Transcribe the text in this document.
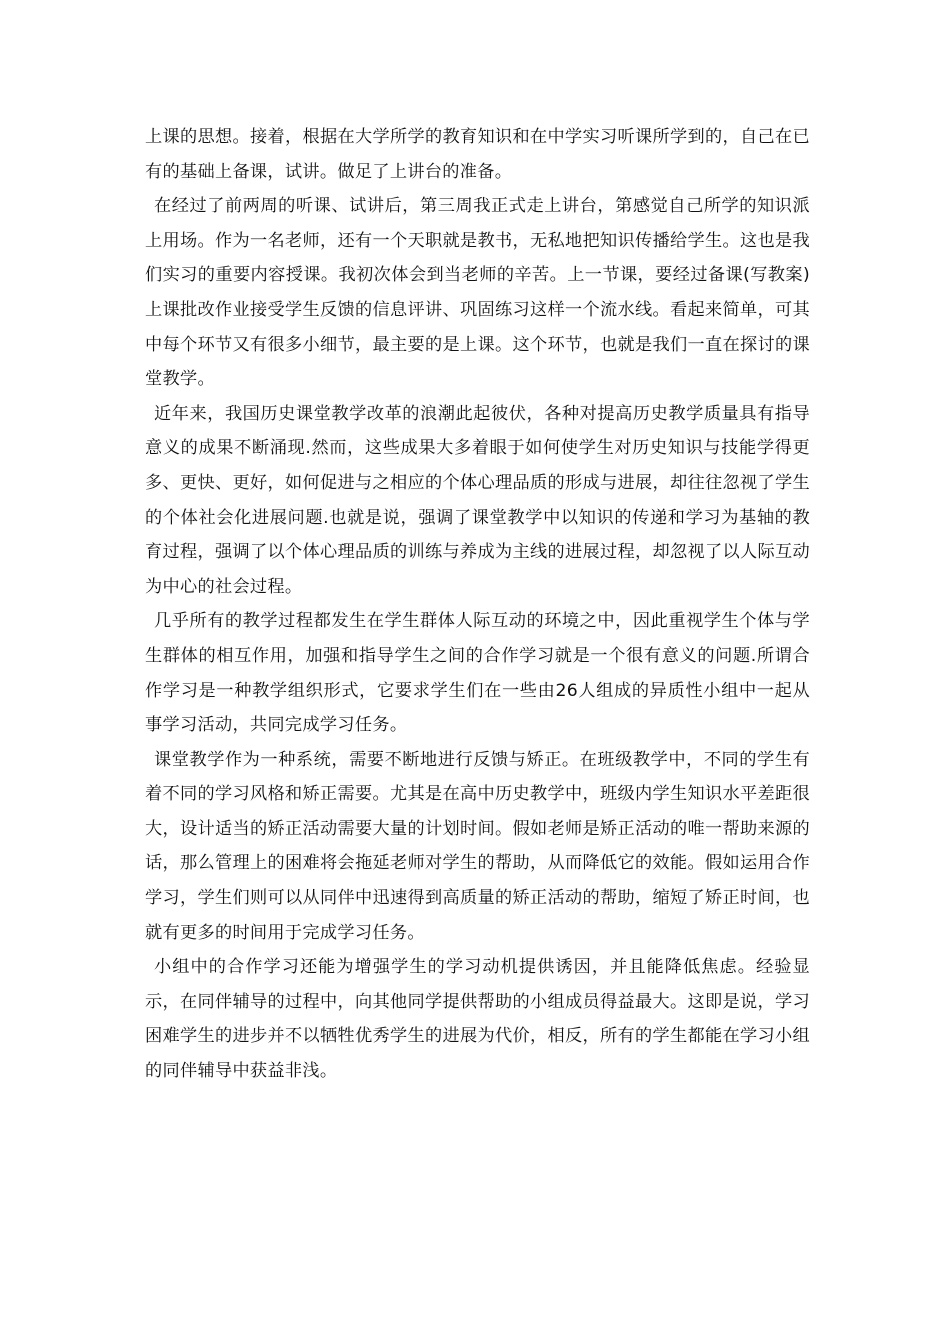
上课的思想。接着，根据在大学所学的教育知识和在中学实习听课所学到的，自己在已有的基础上备课，试讲。做足了上讲台的准备。

在经过了前两周的听课、试讲后，第三周我正式走上讲台，第感觉自己所学的知识派上用场。作为一名老师，还有一个天职就是教书，无私地把知识传播给学生。这也是我们实习的重要内容授课。我初次体会到当老师的辛苦。上一节课，要经过备课(写教案)上课批改作业接受学生反馈的信息评讲、巩固练习这样一个流水线。看起来简单，可其中每个环节又有很多小细节，最主要的是上课。这个环节，也就是我们一直在探讨的课堂教学。

近年来，我国历史课堂教学改革的浪潮此起彼伏，各种对提高历史教学质量具有指导意义的成果不断涌现.然而，这些成果大多着眼于如何使学生对历史知识与技能学得更多、更快、更好，如何促进与之相应的个体心理品质的形成与进展，却往往忽视了学生的个体社会化进展问题.也就是说，强调了课堂教学中以知识的传递和学习为基轴的教育过程，强调了以个体心理品质的训练与养成为主线的进展过程，却忽视了以人际互动为中心的社会过程。

几乎所有的教学过程都发生在学生群体人际互动的环境之中，因此重视学生个体与学生群体的相互作用，加强和指导学生之间的合作学习就是一个很有意义的问题.所谓合作学习是一种教学组织形式，它要求学生们在一些由26人组成的异质性小组中一起从事学习活动，共同完成学习任务。

课堂教学作为一种系统，需要不断地进行反馈与矫正。在班级教学中，不同的学生有着不同的学习风格和矫正需要。尤其是在高中历史教学中，班级内学生知识水平差距很大，设计适当的矫正活动需要大量的计划时间。假如老师是矫正活动的唯一帮助来源的话，那么管理上的困难将会拖延老师对学生的帮助，从而降低它的效能。假如运用合作学习，学生们则可以从同伴中迅速得到高质量的矫正活动的帮助，缩短了矫正时间，也就有更多的时间用于完成学习任务。

小组中的合作学习还能为增强学生的学习动机提供诱因，并且能降低焦虑。经验显示，在同伴辅导的过程中，向其他同学提供帮助的小组成员得益最大。这即是说，学习困难学生的进步并不以牺牲优秀学生的进展为代价，相反，所有的学生都能在学习小组的同伴辅导中获益非浅。
